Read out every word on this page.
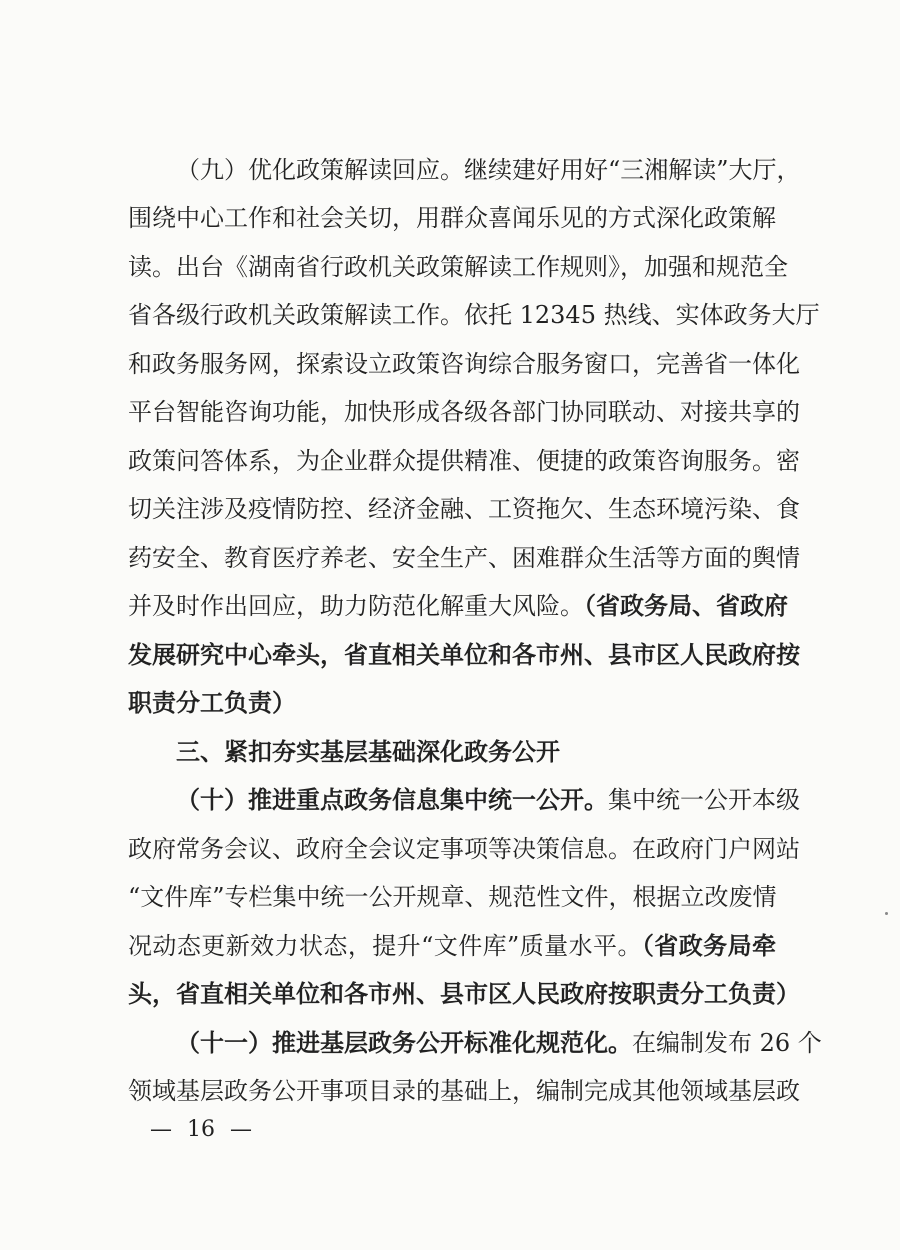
（九）优化政策解读回应。继续建好用好“三湘解读”大厅，
围绕中心工作和社会关切，用群众喜闻乐见的方式深化政策解
读。出台《湖南省行政机关政策解读工作规则》，加强和规范全
省各级行政机关政策解读工作。依托 12345 热线、实体政务大厅
和政务服务网，探索设立政策咨询综合服务窗口，完善省一体化
平台智能咨询功能，加快形成各级各部门协同联动、对接共享的
政策问答体系，为企业群众提供精准、便捷的政策咨询服务。密
切关注涉及疫情防控、经济金融、工资拖欠、生态环境污染、食
药安全、教育医疗养老、安全生产、困难群众生活等方面的舆情
并及时作出回应，助力防范化解重大风险。（省政务局、省政府
发展研究中心牵头，省直相关单位和各市州、县市区人民政府按
职责分工负责）
三、紧扣夯实基层基础深化政务公开
（十）推进重点政务信息集中统一公开。集中统一公开本级
政府常务会议、政府全会议定事项等决策信息。在政府门户网站
“文件库”专栏集中统一公开规章、规范性文件，根据立改废情
况动态更新效力状态，提升“文件库”质量水平。（省政务局牵
头，省直相关单位和各市州、县市区人民政府按职责分工负责）
（十一）推进基层政务公开标准化规范化。在编制发布 26 个
领域基层政务公开事项目录的基础上，编制完成其他领域基层政
— 16 —
